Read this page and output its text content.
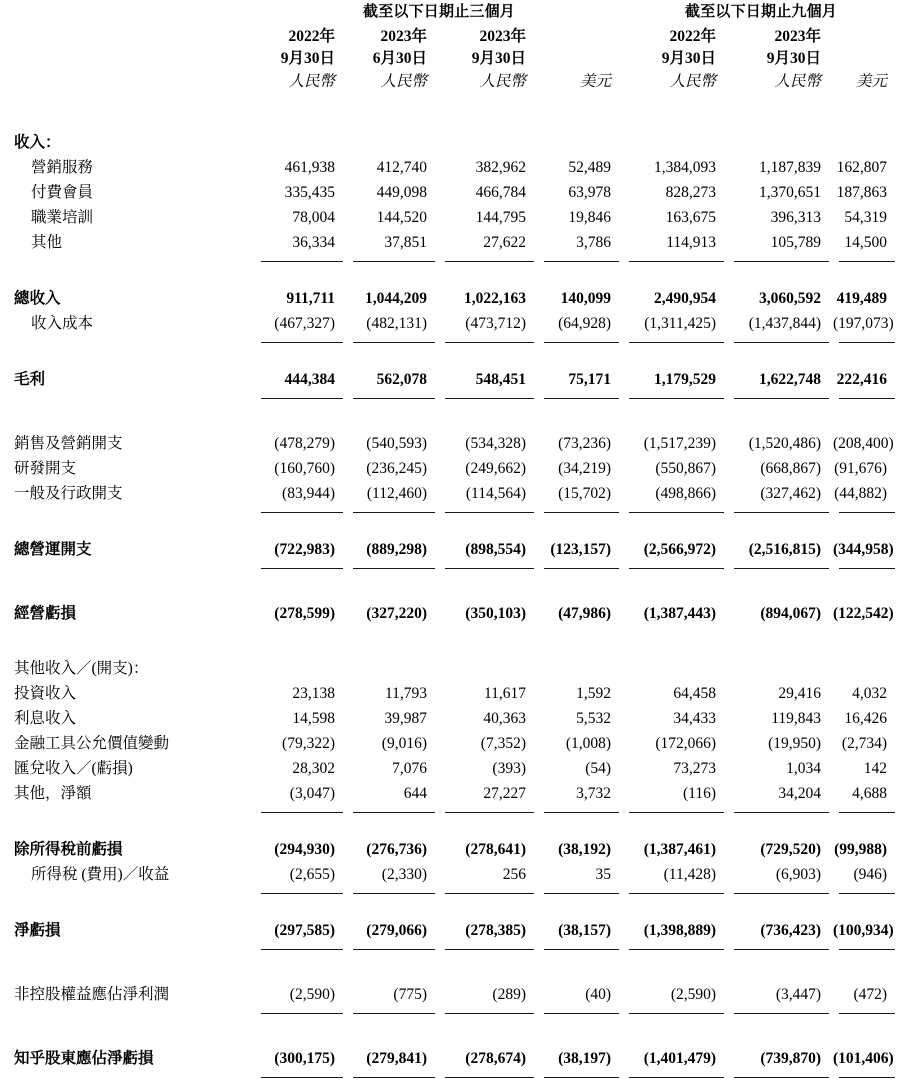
	截至以下日期止三個月				截至以下日期止九個月		
	2022年	2023年	2023年		2022年	2023年	
	9月30日	6月30日	9月30日		9月30日	9月30日	
	人民幣	人民幣	人民幣	美元	人民幣	人民幣	美元

收入：							
營銷服務	461,938	412,740	382,962	52,489	1,384,093	1,187,839	162,807
付費會員	335,435	449,098	466,784	63,978	828,273	1,370,651	187,863
職業培訓	78,004	144,520	144,795	19,846	163,675	396,313	54,319
其他	36,334	37,851	27,622	3,786	114,913	105,789	14,500

總收入	911,711	1,044,209	1,022,163	140,099	2,490,954	3,060,592	419,489
收入成本	(467,327)	(482,131)	(473,712)	(64,928)	(1,311,425)	(1,437,844)	(197,073)

毛利	444,384	562,078	548,451	75,171	1,179,529	1,622,748	222,416

銷售及營銷開支	(478,279)	(540,593)	(534,328)	(73,236)	(1,517,239)	(1,520,486)	(208,400)
研發開支	(160,760)	(236,245)	(249,662)	(34,219)	(550,867)	(668,867)	(91,676)
一般及行政開支	(83,944)	(112,460)	(114,564)	(15,702)	(498,866)	(327,462)	(44,882)

總營運開支	(722,983)	(889,298)	(898,554)	(123,157)	(2,566,972)	(2,516,815)	(344,958)

經營虧損	(278,599)	(327,220)	(350,103)	(47,986)	(1,387,443)	(894,067)	(122,542)

其他收入／(開支)：							
投資收入	23,138	11,793	11,617	1,592	64,458	29,416	4,032
利息收入	14,598	39,987	40,363	5,532	34,433	119,843	16,426
金融工具公允價值變動	(79,322)	(9,016)	(7,352)	(1,008)	(172,066)	(19,950)	(2,734)
匯兌收入／(虧損)	28,302	7,076	(393)	(54)	73,273	1,034	142
其他，淨額	(3,047)	644	27,227	3,732	(116)	34,204	4,688

除所得稅前虧損	(294,930)	(276,736)	(278,641)	(38,192)	(1,387,461)	(729,520)	(99,988)
所得稅 (費用)／收益	(2,655)	(2,330)	256	35	(11,428)	(6,903)	(946)

淨虧損	(297,585)	(279,066)	(278,385)	(38,157)	(1,398,889)	(736,423)	(100,934)

非控股權益應佔淨利潤	(2,590)	(775)	(289)	(40)	(2,590)	(3,447)	(472)

知乎股東應佔淨虧損	(300,175)	(279,841)	(278,674)	(38,197)	(1,401,479)	(739,870)	(101,406)
